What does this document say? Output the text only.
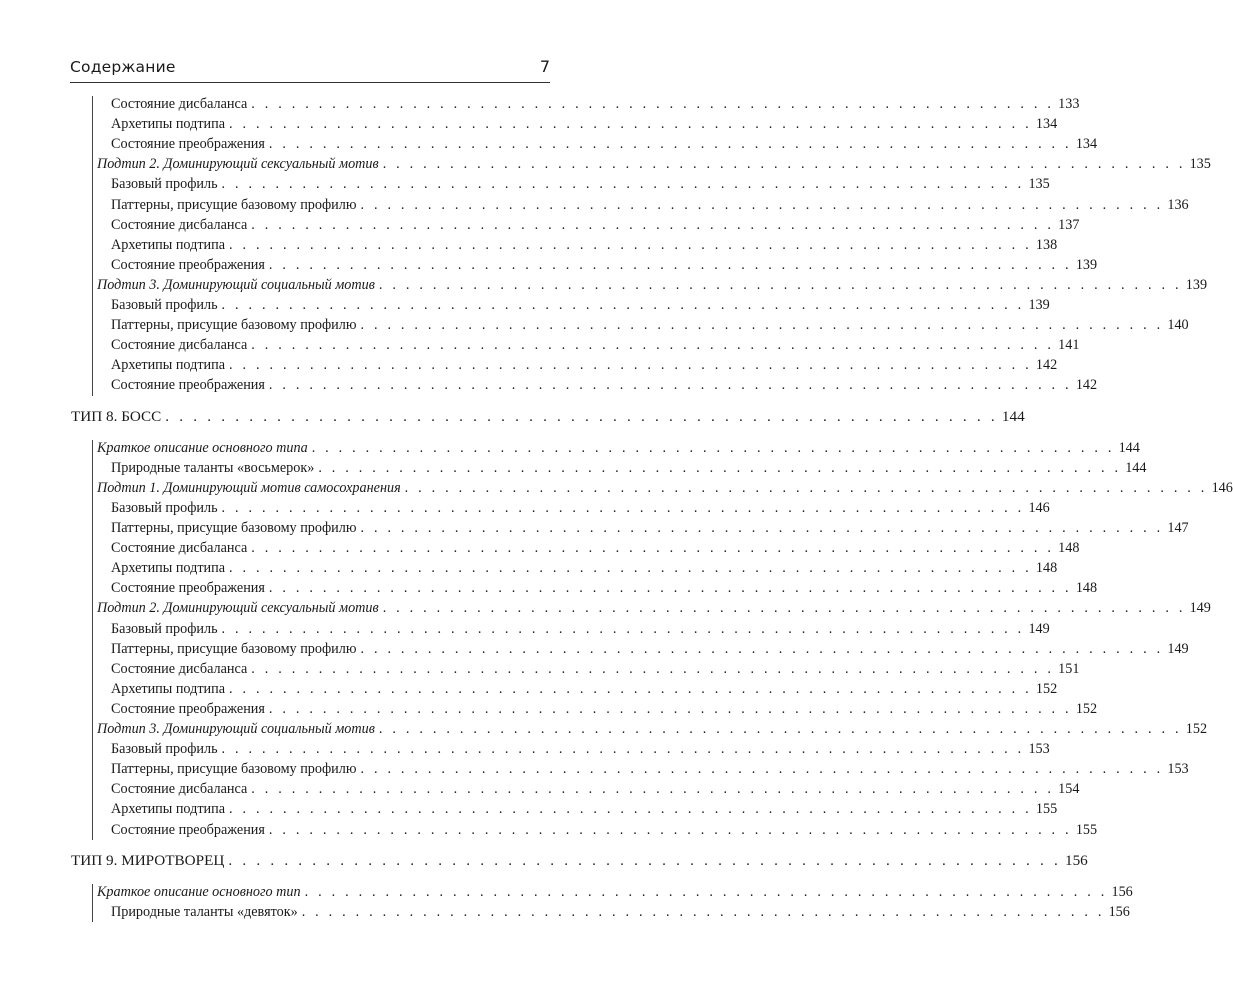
Содержание	7
Состояние дисбаланса . . . . . . . . . . . . . . . . . . . . . . . . . . . . . . . . . . . . . . . . . . . . . . . . . . . . . . . . . . . . 133
Архетипы подтипа . . . . . . . . . . . . . . . . . . . . . . . . . . . . . . . . . . . . . . . . . . . . . . . . . . . . . . . . . . . . 134
Состояние преображения . . . . . . . . . . . . . . . . . . . . . . . . . . . . . . . . . . . . . . . . . . . . . . . . . . . . . . . . . . . . 134
Подтип 2. Доминирующий сексуальный мотив . . . . . . . . . . . . . . . . . . . . . . . . . . . . . . . . . . . . . . . . . . . . . . . . . . . . . . . . . . . . 135
Базовый профиль . . . . . . . . . . . . . . . . . . . . . . . . . . . . . . . . . . . . . . . . . . . . . . . . . . . . . . . . . . . . 135
Паттерны, присущие базовому профилю . . . . . . . . . . . . . . . . . . . . . . . . . . . . . . . . . . . . . . . . . . . . . . . . . . . . . . . . . . . . 136
Состояние дисбаланса . . . . . . . . . . . . . . . . . . . . . . . . . . . . . . . . . . . . . . . . . . . . . . . . . . . . . . . . . . . . 137
Архетипы подтипа . . . . . . . . . . . . . . . . . . . . . . . . . . . . . . . . . . . . . . . . . . . . . . . . . . . . . . . . . . . . 138
Состояние преображения . . . . . . . . . . . . . . . . . . . . . . . . . . . . . . . . . . . . . . . . . . . . . . . . . . . . . . . . . . . . 139
Подтип 3. Доминирующий социальный мотив . . . . . . . . . . . . . . . . . . . . . . . . . . . . . . . . . . . . . . . . . . . . . . . . . . . . . . . . . . . . 139
Базовый профиль . . . . . . . . . . . . . . . . . . . . . . . . . . . . . . . . . . . . . . . . . . . . . . . . . . . . . . . . . . . . 139
Паттерны, присущие базовому профилю . . . . . . . . . . . . . . . . . . . . . . . . . . . . . . . . . . . . . . . . . . . . . . . . . . . . . . . . . . . . 140
Состояние дисбаланса . . . . . . . . . . . . . . . . . . . . . . . . . . . . . . . . . . . . . . . . . . . . . . . . . . . . . . . . . . . . 141
Архетипы подтипа . . . . . . . . . . . . . . . . . . . . . . . . . . . . . . . . . . . . . . . . . . . . . . . . . . . . . . . . . . . . 142
Состояние преображения . . . . . . . . . . . . . . . . . . . . . . . . . . . . . . . . . . . . . . . . . . . . . . . . . . . . . . . . . . . . 142
ТИП 8. БОСС . . . . . . . . . . . . . . . . . . . . . . . . . . . . . . . . . . . . . . . . . . . . . . . . . . . . . . . . . . . . 144
Краткое описание основного типа . . . . . . . . . . . . . . . . . . . . . . . . . . . . . . . . . . . . . . . . . . . . . . . . . . . . . . . . . . . . 144
Природные таланты «восьмерок» . . . . . . . . . . . . . . . . . . . . . . . . . . . . . . . . . . . . . . . . . . . . . . . . . . . . . . . . . . . . 144
Подтип 1. Доминирующий мотив самосохранения . . . . . . . . . . . . . . . . . . . . . . . . . . . . . . . . . . . . . . . . . . . . . . . . . . . . . . . . . . . . 146
Базовый профиль . . . . . . . . . . . . . . . . . . . . . . . . . . . . . . . . . . . . . . . . . . . . . . . . . . . . . . . . . . . . 146
Паттерны, присущие базовому профилю . . . . . . . . . . . . . . . . . . . . . . . . . . . . . . . . . . . . . . . . . . . . . . . . . . . . . . . . . . . . 147
Состояние дисбаланса . . . . . . . . . . . . . . . . . . . . . . . . . . . . . . . . . . . . . . . . . . . . . . . . . . . . . . . . . . . . 148
Архетипы подтипа . . . . . . . . . . . . . . . . . . . . . . . . . . . . . . . . . . . . . . . . . . . . . . . . . . . . . . . . . . . . 148
Состояние преображения . . . . . . . . . . . . . . . . . . . . . . . . . . . . . . . . . . . . . . . . . . . . . . . . . . . . . . . . . . . . 148
Подтип 2. Доминирующий сексуальный мотив . . . . . . . . . . . . . . . . . . . . . . . . . . . . . . . . . . . . . . . . . . . . . . . . . . . . . . . . . . . . 149
Базовый профиль . . . . . . . . . . . . . . . . . . . . . . . . . . . . . . . . . . . . . . . . . . . . . . . . . . . . . . . . . . . . 149
Паттерны, присущие базовому профилю . . . . . . . . . . . . . . . . . . . . . . . . . . . . . . . . . . . . . . . . . . . . . . . . . . . . . . . . . . . . 149
Состояние дисбаланса . . . . . . . . . . . . . . . . . . . . . . . . . . . . . . . . . . . . . . . . . . . . . . . . . . . . . . . . . . . . 151
Архетипы подтипа . . . . . . . . . . . . . . . . . . . . . . . . . . . . . . . . . . . . . . . . . . . . . . . . . . . . . . . . . . . . 152
Состояние преображения . . . . . . . . . . . . . . . . . . . . . . . . . . . . . . . . . . . . . . . . . . . . . . . . . . . . . . . . . . . . 152
Подтип 3. Доминирующий социальный мотив . . . . . . . . . . . . . . . . . . . . . . . . . . . . . . . . . . . . . . . . . . . . . . . . . . . . . . . . . . . . 152
Базовый профиль . . . . . . . . . . . . . . . . . . . . . . . . . . . . . . . . . . . . . . . . . . . . . . . . . . . . . . . . . . . . 153
Паттерны, присущие базовому профилю . . . . . . . . . . . . . . . . . . . . . . . . . . . . . . . . . . . . . . . . . . . . . . . . . . . . . . . . . . . . 153
Состояние дисбаланса . . . . . . . . . . . . . . . . . . . . . . . . . . . . . . . . . . . . . . . . . . . . . . . . . . . . . . . . . . . . 154
Архетипы подтипа . . . . . . . . . . . . . . . . . . . . . . . . . . . . . . . . . . . . . . . . . . . . . . . . . . . . . . . . . . . . 155
Состояние преображения . . . . . . . . . . . . . . . . . . . . . . . . . . . . . . . . . . . . . . . . . . . . . . . . . . . . . . . . . . . . 155
ТИП 9. МИРОТВОРЕЦ . . . . . . . . . . . . . . . . . . . . . . . . . . . . . . . . . . . . . . . . . . . . . . . . . . . . . . . . . . . . 156
Краткое описание основного тип . . . . . . . . . . . . . . . . . . . . . . . . . . . . . . . . . . . . . . . . . . . . . . . . . . . . . . . . . . . . 156
Природные таланты «девяток» . . . . . . . . . . . . . . . . . . . . . . . . . . . . . . . . . . . . . . . . . . . . . . . . . . . . . . . . . . . . 156
